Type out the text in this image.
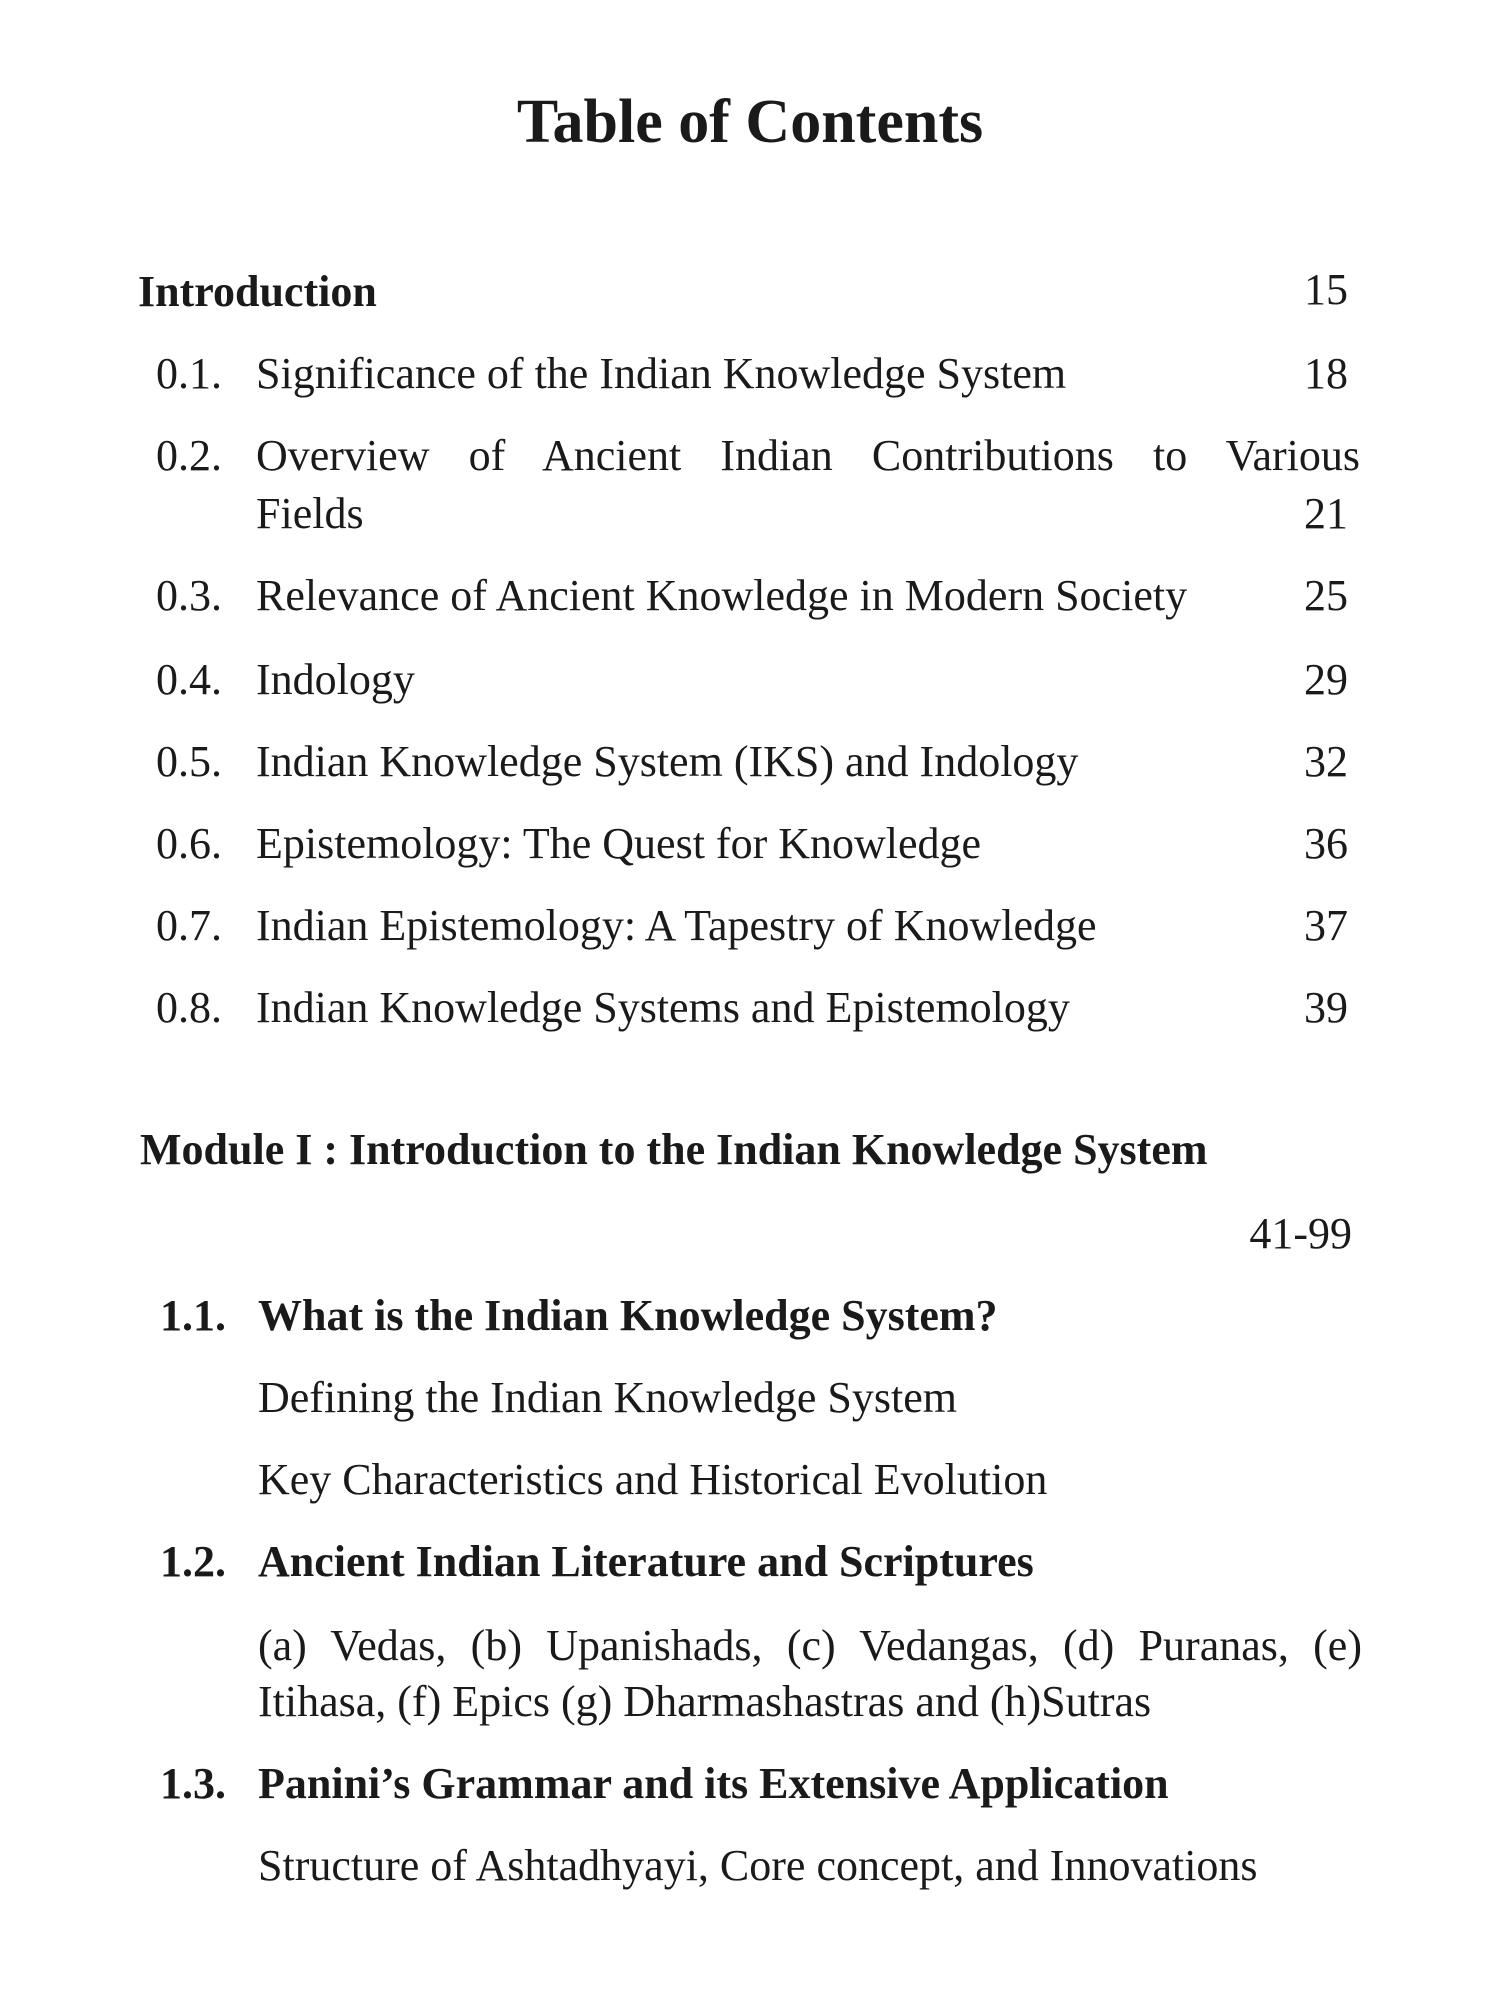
Table of Contents
Introduction	15
0.1. Significance of the Indian Knowledge System	18
0.2. Overview of Ancient Indian Contributions to Various
Fields	21
0.3. Relevance of Ancient Knowledge in Modern Society	25
0.4. Indology	29
0.5. Indian Knowledge System (IKS) and Indology	32
0.6. Epistemology: The Quest for Knowledge	36
0.7. Indian Epistemology: A Tapestry of Knowledge	37
0.8. Indian Knowledge Systems and Epistemology	39
Module I : Introduction to the Indian Knowledge System
41-99
1.1. What is the Indian Knowledge System?
Defining the Indian Knowledge System
Key Characteristics and Historical Evolution
1.2. Ancient Indian Literature and Scriptures
(a) Vedas, (b) Upanishads, (c) Vedangas, (d) Puranas, (e)
Itihasa, (f) Epics (g) Dharmashastras and (h)Sutras
1.3. Panini’s Grammar and its Extensive Application
Structure of Ashtadhyayi, Core concept, and Innovations
